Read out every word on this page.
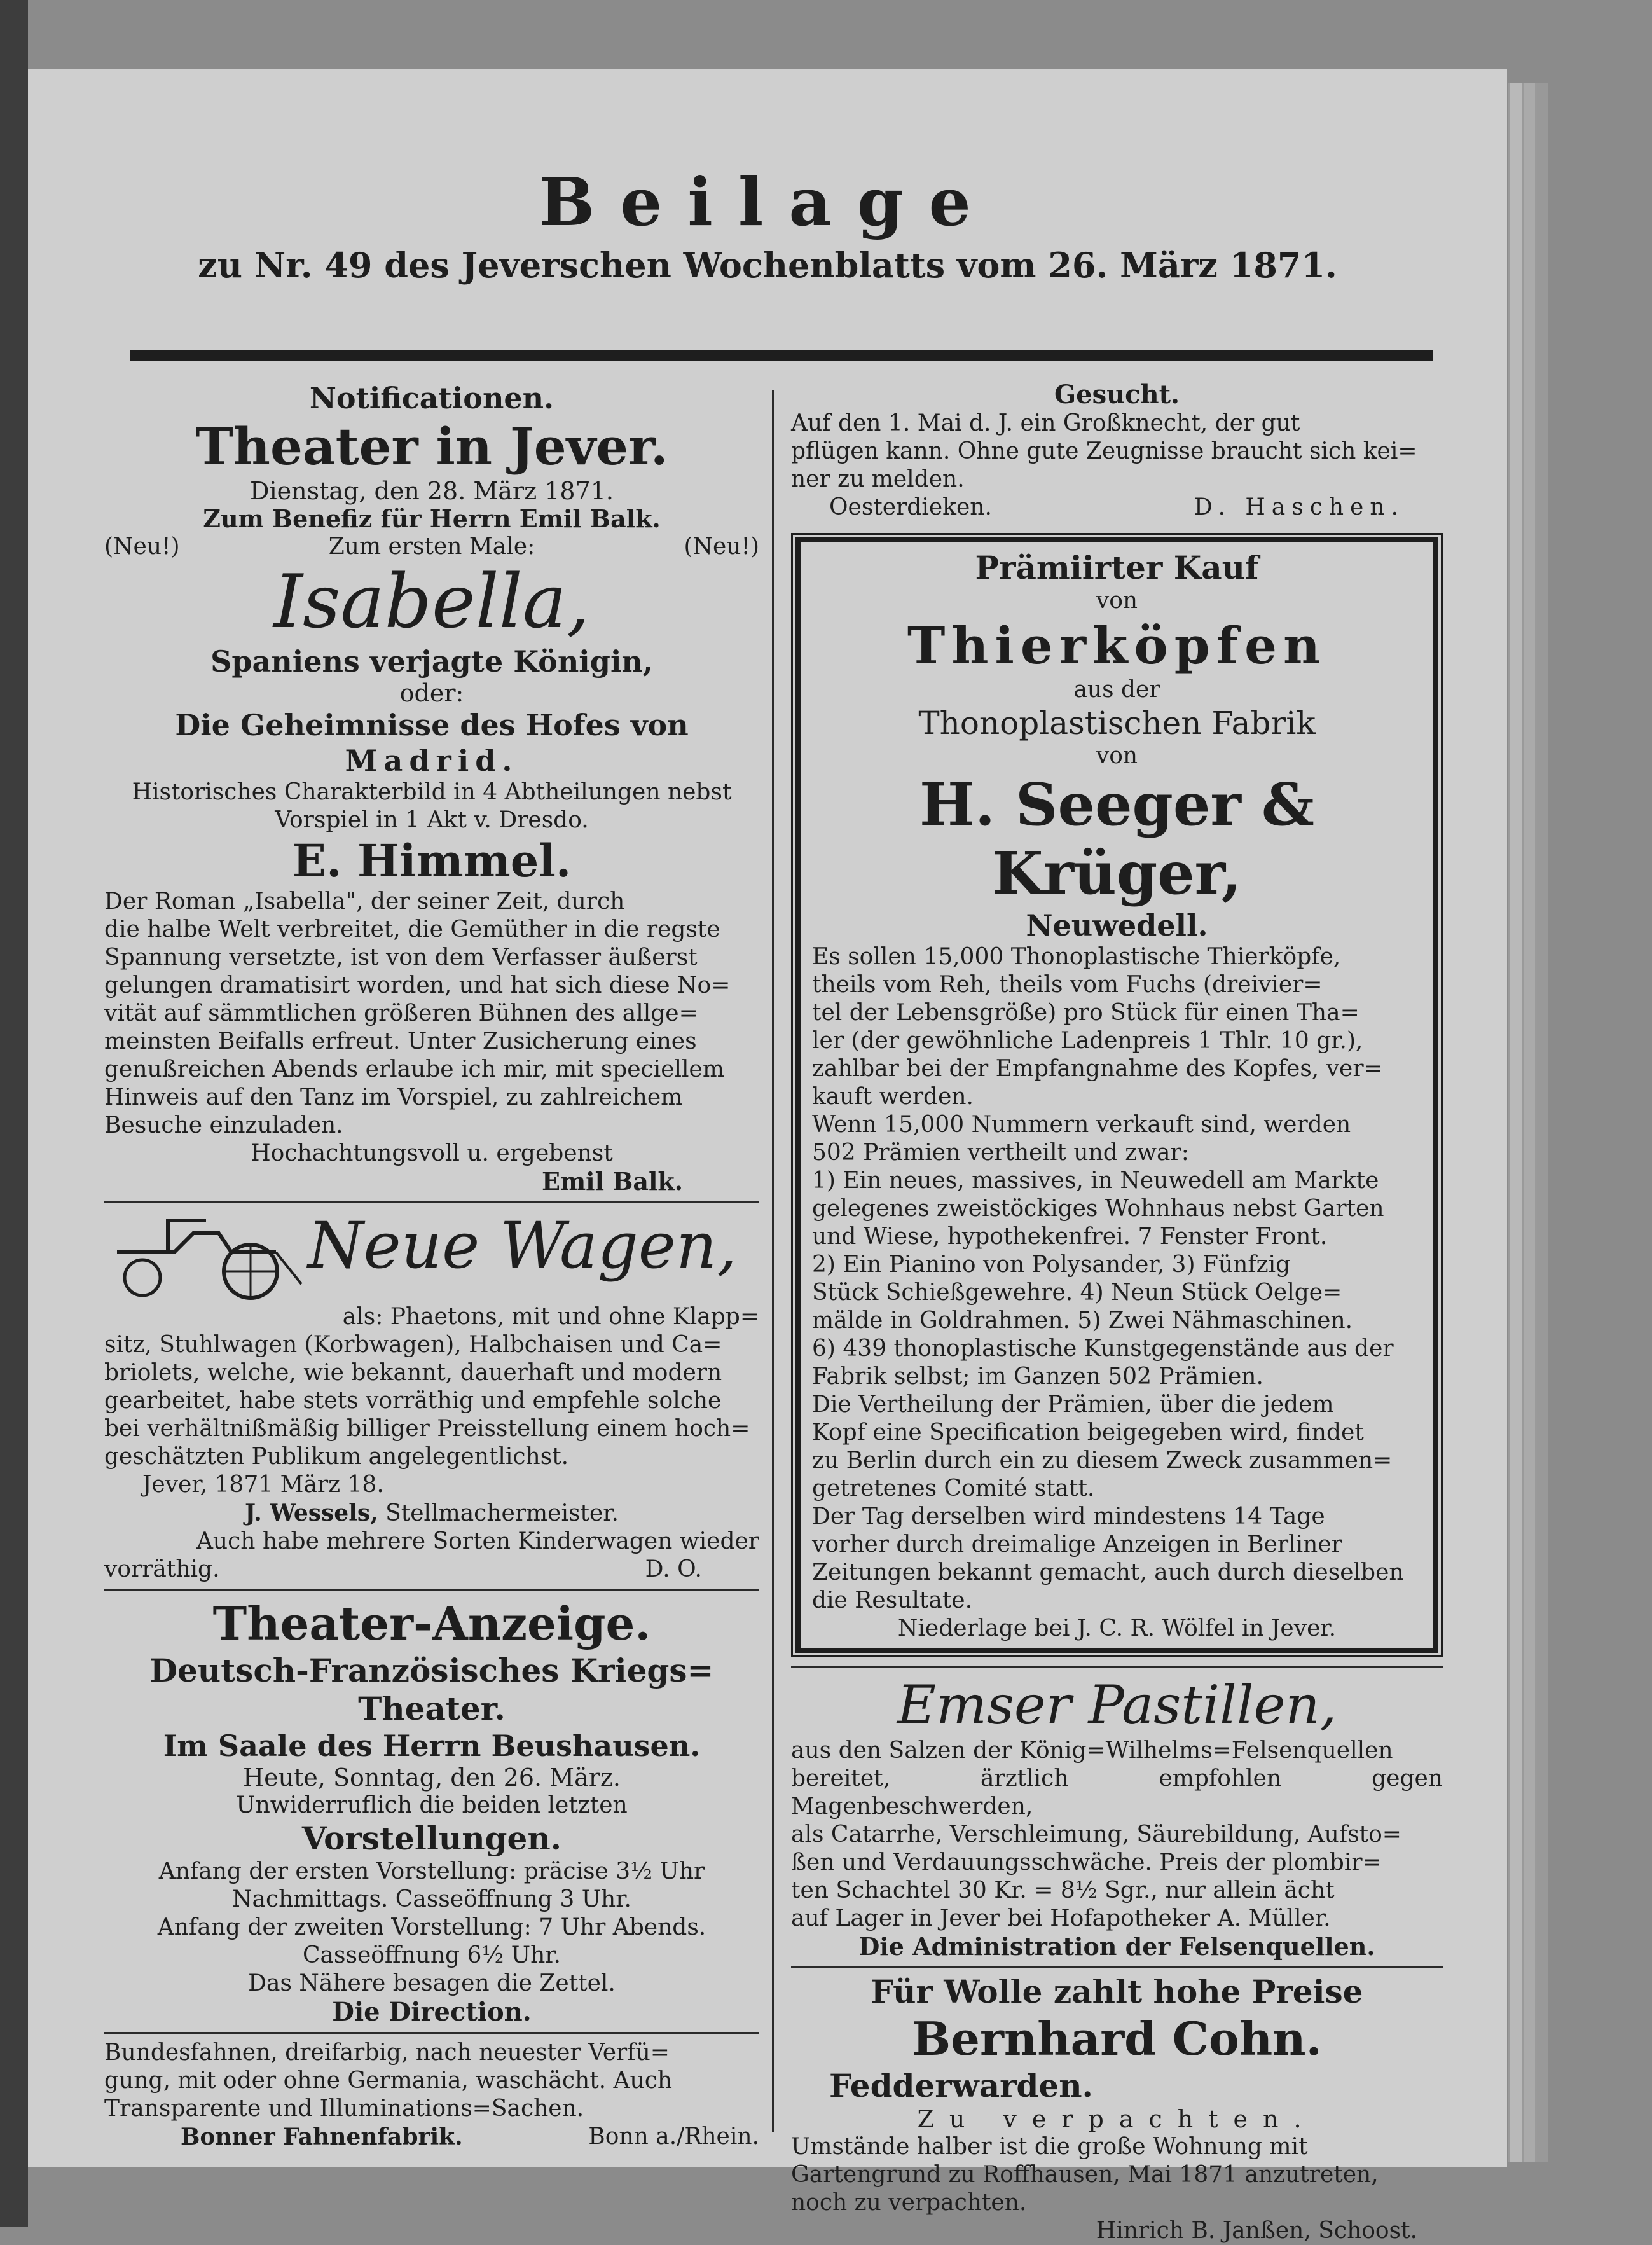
Beilage
zu Nr. 49 des Jeverschen Wochenblatts vom 26. März 1871.
Notificationen.
Theater in Jever.
Dienstag, den 28. März 1871.
Zum Benefiz für Herrn Emil Balk.
(Neu!)	Zum ersten Male:	(Neu!)
Isabella,
Spaniens verjagte Königin,
oder:
Die Geheimnisse des Hofes von
Madrid.
Historisches Charakterbild in 4 Abtheilungen nebst
Vorspiel in 1 Akt v. Dresdo.
E. Himmel.
Der Roman „Isabella", der seiner Zeit, durch
die halbe Welt verbreitet, die Gemüther in die regste
Spannung versetzte, ist von dem Verfasser äußerst
gelungen dramatisirt worden, und hat sich diese No=
vität auf sämmtlichen größeren Bühnen des allge=
meinsten Beifalls erfreut. Unter Zusicherung eines
genußreichen Abends erlaube ich mir, mit speciellem
Hinweis auf den Tanz im Vorspiel, zu zahlreichem
Besuche einzuladen.
Hochachtungsvoll u. ergebenst
Emil Balk.
Neue Wagen,
als: Phaetons, mit und ohne Klapp=
sitz, Stuhlwagen (Korbwagen), Halbchaisen und Ca=
briolets, welche, wie bekannt, dauerhaft und modern
gearbeitet, habe stets vorräthig und empfehle solche
bei verhältnißmäßig billiger Preisstellung einem hoch=
geschätzten Publikum angelegentlichst.
Jever, 1871 März 18.
J. Wessels, Stellmachermeister.
Auch habe mehrere Sorten Kinderwagen wieder
vorräthig.	D. O.
Theater-Anzeige.
Deutsch-Französisches Kriegs=
Theater.
Im Saale des Herrn Beushausen.
Heute, Sonntag, den 26. März.
Unwiderruflich die beiden letzten
Vorstellungen.
Anfang der ersten Vorstellung: präcise 3½ Uhr
Nachmittags. Casseöffnung 3 Uhr.
Anfang der zweiten Vorstellung: 7 Uhr Abends.
Casseöffnung 6½ Uhr.
Das Nähere besagen die Zettel.
Die Direction.
Bundesfahnen, dreifarbig, nach neuester Verfü=
gung, mit oder ohne Germania, waschächt. Auch
Transparente und Illuminations=Sachen.
Bonner Fahnenfabrik.	Bonn a./Rhein.
Gesucht.
Auf den 1. Mai d. J. ein Großknecht, der gut
pflügen kann. Ohne gute Zeugnisse braucht sich kei=
ner zu melden.
Oesterdieken.	D. Haschen.
Prämiirter Kauf
von
Thierköpfen
aus der
Thonoplastischen Fabrik
von
H. Seeger & Krüger,
Neuwedell.
Es sollen 15,000 Thonoplastische Thierköpfe,
theils vom Reh, theils vom Fuchs (dreivier=
tel der Lebensgröße) pro Stück für einen Tha=
ler (der gewöhnliche Ladenpreis 1 Thlr. 10 gr.),
zahlbar bei der Empfangnahme des Kopfes, ver=
kauft werden.
Wenn 15,000 Nummern verkauft sind, werden
502 Prämien vertheilt und zwar:
1) Ein neues, massives, in Neuwedell am Markte
gelegenes zweistöckiges Wohnhaus nebst Garten
und Wiese, hypothekenfrei. 7 Fenster Front.
2) Ein Pianino von Polysander, 3) Fünfzig
Stück Schießgewehre. 4) Neun Stück Oelge=
mälde in Goldrahmen. 5) Zwei Nähmaschinen.
6) 439 thonoplastische Kunstgegenstände aus der
Fabrik selbst; im Ganzen 502 Prämien.
Die Vertheilung der Prämien, über die jedem
Kopf eine Specification beigegeben wird, findet
zu Berlin durch ein zu diesem Zweck zusammen=
getretenes Comité statt.
Der Tag derselben wird mindestens 14 Tage
vorher durch dreimalige Anzeigen in Berliner
Zeitungen bekannt gemacht, auch durch dieselben
die Resultate.
Niederlage bei J. C. R. Wölfel in Jever.
Emser Pastillen,
aus den Salzen der König=Wilhelms=Felsenquellen
bereitet, ärztlich empfohlen gegen Magenbeschwerden,
als Catarrhe, Verschleimung, Säurebildung, Aufsto=
ßen und Verdauungsschwäche. Preis der plombir=
ten Schachtel 30 Kr. = 8½ Sgr., nur allein ächt
auf Lager in Jever bei Hofapotheker A. Müller.
Die Administration der Felsenquellen.
Für Wolle zahlt hohe Preise
Bernhard Cohn.
Fedderwarden.
Zu verpachten.
Umstände halber ist die große Wohnung mit
Gartengrund zu Roffhausen, Mai 1871 anzutreten,
noch zu verpachten.
Hinrich B. Janßen, Schoost.
